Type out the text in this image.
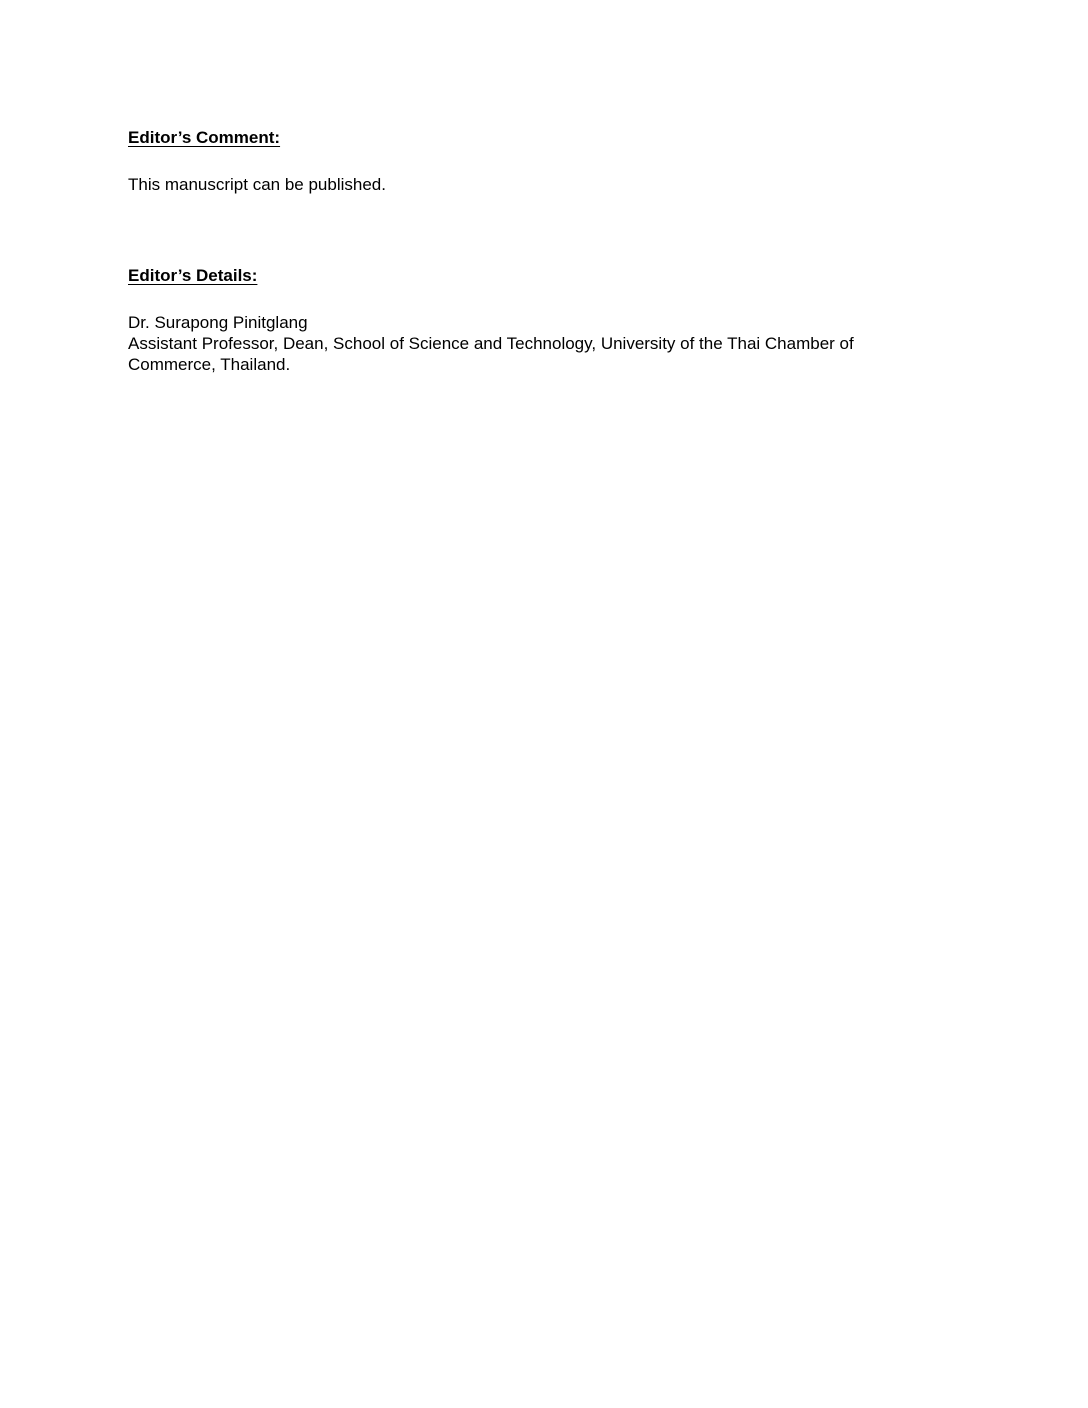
Editor’s Comment:

This manuscript can be published.

Editor’s Details:

Dr. Surapong Pinitglang

Assistant Professor, Dean, School of Science and Technology, University of the Thai Chamber of Commerce, Thailand.
